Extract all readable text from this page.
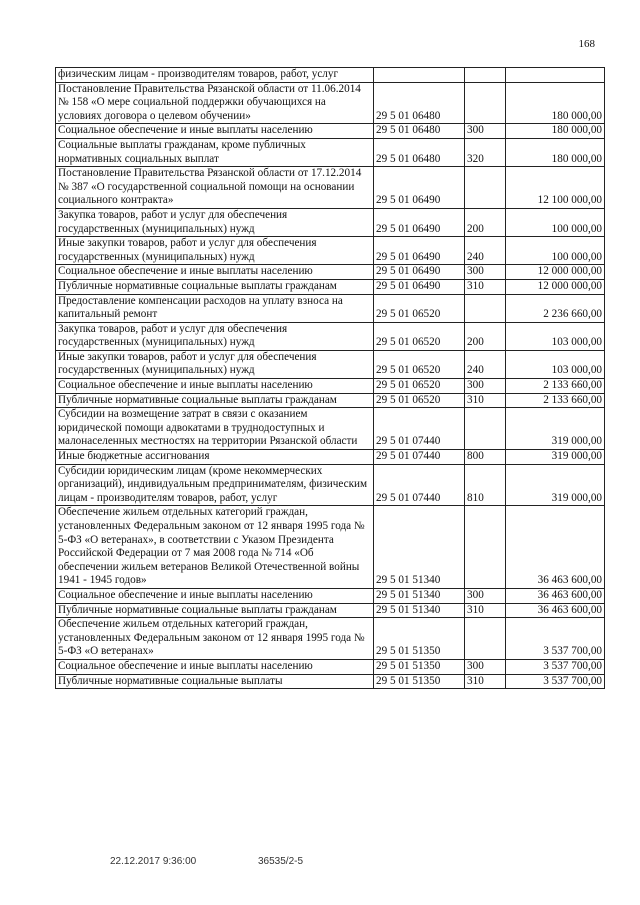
168
физическим лицам - производителям товаров, работ, услуг			
Постановление Правительства Рязанской области от 11.06.2014 № 158 «О мере социальной поддержки обучающихся на условиях договора о целевом обучении»	29 5 01 06480		180 000,00
Социальное обеспечение и иные выплаты населению	29 5 01 06480	300	180 000,00
Социальные выплаты гражданам, кроме публичных нормативных социальных выплат	29 5 01 06480	320	180 000,00
Постановление Правительства Рязанской области от 17.12.2014 № 387 «О государственной социальной помощи на основании социального контракта»	29 5 01 06490		12 100 000,00
Закупка товаров, работ и услуг для обеспечения государственных (муниципальных) нужд	29 5 01 06490	200	100 000,00
Иные закупки товаров, работ и услуг для обеспечения государственных (муниципальных) нужд	29 5 01 06490	240	100 000,00
Социальное обеспечение и иные выплаты населению	29 5 01 06490	300	12 000 000,00
Публичные нормативные социальные выплаты гражданам	29 5 01 06490	310	12 000 000,00
Предоставление компенсации расходов на уплату взноса на капитальный ремонт	29 5 01 06520		2 236 660,00
Закупка товаров, работ и услуг для обеспечения государственных (муниципальных) нужд	29 5 01 06520	200	103 000,00
Иные закупки товаров, работ и услуг для обеспечения государственных (муниципальных) нужд	29 5 01 06520	240	103 000,00
Социальное обеспечение и иные выплаты населению	29 5 01 06520	300	2 133 660,00
Публичные нормативные социальные выплаты гражданам	29 5 01 06520	310	2 133 660,00
Субсидии на возмещение затрат в связи с оказанием юридической помощи адвокатами в труднодоступных и малонаселенных местностях на территории Рязанской области	29 5 01 07440		319 000,00
Иные бюджетные ассигнования	29 5 01 07440	800	319 000,00
Субсидии юридическим лицам (кроме некоммерческих организаций), индивидуальным предпринимателям, физическим лицам - производителям товаров, работ, услуг	29 5 01 07440	810	319 000,00
Обеспечение жильем отдельных категорий граждан, установленных Федеральным законом от 12 января 1995 года № 5-ФЗ «О ветеранах», в соответствии с Указом Президента Российской Федерации от 7 мая 2008 года № 714 «Об обеспечении жильем ветеранов Великой Отечественной войны 1941 - 1945 годов»	29 5 01 51340		36 463 600,00
Социальное обеспечение и иные выплаты населению	29 5 01 51340	300	36 463 600,00
Публичные нормативные социальные выплаты гражданам	29 5 01 51340	310	36 463 600,00
Обеспечение жильем отдельных категорий граждан, установленных Федеральным законом от 12 января 1995 года № 5-ФЗ «О ветеранах»	29 5 01 51350		3 537 700,00
Социальное обеспечение и иные выплаты населению	29 5 01 51350	300	3 537 700,00
Публичные нормативные социальные выплаты	29 5 01 51350	310	3 537 700,00
22.12.2017 9:36:00	36535/2-5
